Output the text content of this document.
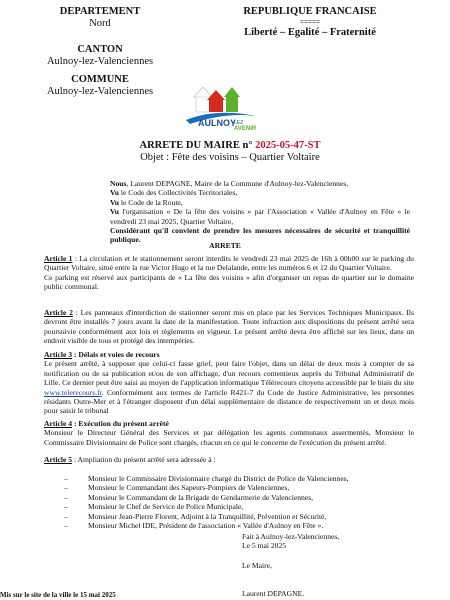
DEPARTEMENT
Nord
CANTON
Aulnoy-lez-Valenciennes
COMMUNE
Aulnoy-lez-Valenciennes
REPUBLIQUE FRANCAISE
=====
Liberté – Egalité – Fraternité
AULNOY
LEZ
AVENIR
ARRETE DU MAIRE n° 2025-05-47-ST
Objet : Fête des voisins – Quartier Voltaire
Nous, Laurent DEPAGNE, Maire de la Commune d'Aulnoy-lez-Valenciennes,
Vu le Code des Collectivités Territoriales,
Vu le Code de la Route,
Vu l'organisation « De la fête des voisins » par l'Association « Vallée d'Aulnoy en Fête » le vendredi 23 mai 2025, Quartier Voltaire,
Considérant qu'il convient de prendre les mesures nécessaires de sécurité et tranquillité publique.
ARRETE
Article 1 : La circulation et le stationnement seront interdits le vendredi 23 mai 2025 de 16h à 00h00 sur le parking du Quartier Voltaire, situé entre la rue Victor Hugo et la rue Delalande, entre les numéros 6 et 12 du Quartier Voltaire.
Ce parking est réservé aux participants de « La fête des voisins » afin d'organiser un repas de quartier sur le domaine public communal.
Article 2 : Les panneaux d'interdiction de stationner seront mis en place par les Services Techniques Municipaux. Ils devront être installés 7 jours avant la date de la manifestation. Toute infraction aux dispositions du présent arrêté sera poursuivie conformément aux lois et règlements en vigueur. Le présent arrêté devra être affiché sur les lieux, dans un endroit visible de tous et protégé des intempéries.
Article 3 : Délais et voies de recours
Le présent arrêté, à supposer que celui-ci fasse grief, peut faire l'objet, dans un délai de deux mois à compter de sa notification ou de sa publication et/ou de son affichage, d'un recours contentieux auprès du Tribunal Administratif de Lille. Ce dernier peut être saisi au moyen de l'application informatique Télérecours citoyens accessible par le biais du site www.telerecours.fr. Conformément aux termes de l'article R421-7 du Code de Justice Administrative, les personnes résidants Outre-Mer et à l'étranger disposent d'un délai supplémentaire de distance de respectivement un et deux mois pour saisir le tribunal
Article 4 : Exécution du présent arrêté
Monsieur le Directeur Général des Services et par délégation les agents communaux assermentés, Monsieur le Commissaire Divisionnaire de Police sont chargés, chacun en ce qui le concerne de l'exécution du présent arrêté.
Article 5 : Ampliation du présent arrêté sera adressée à :
– Monsieur le Commissaire Divisionnaire chargé du District de Police de Valenciennes,
– Monsieur le Commandant des Sapeurs-Pompiers de Valenciennes,
– Monsieur le Commandant de la Brigade de Gendarmerie de Valenciennes,
– Monsieur le Chef de Service de Police Municipale,
– Monsieur Jean-Pierre Florent, Adjoint à la Tranquillité, Prévention et Sécurité,
– Monsieur Michel IDE, Président de l'association « Vallée d'Aulnoy en Fête ».
Fait à Aulnoy-lez-Valenciennes,
Le 5 mai 2025
Le Maire,
Laurent DEPAGNE.
Mis sur le site de la ville le 15 mai 2025
